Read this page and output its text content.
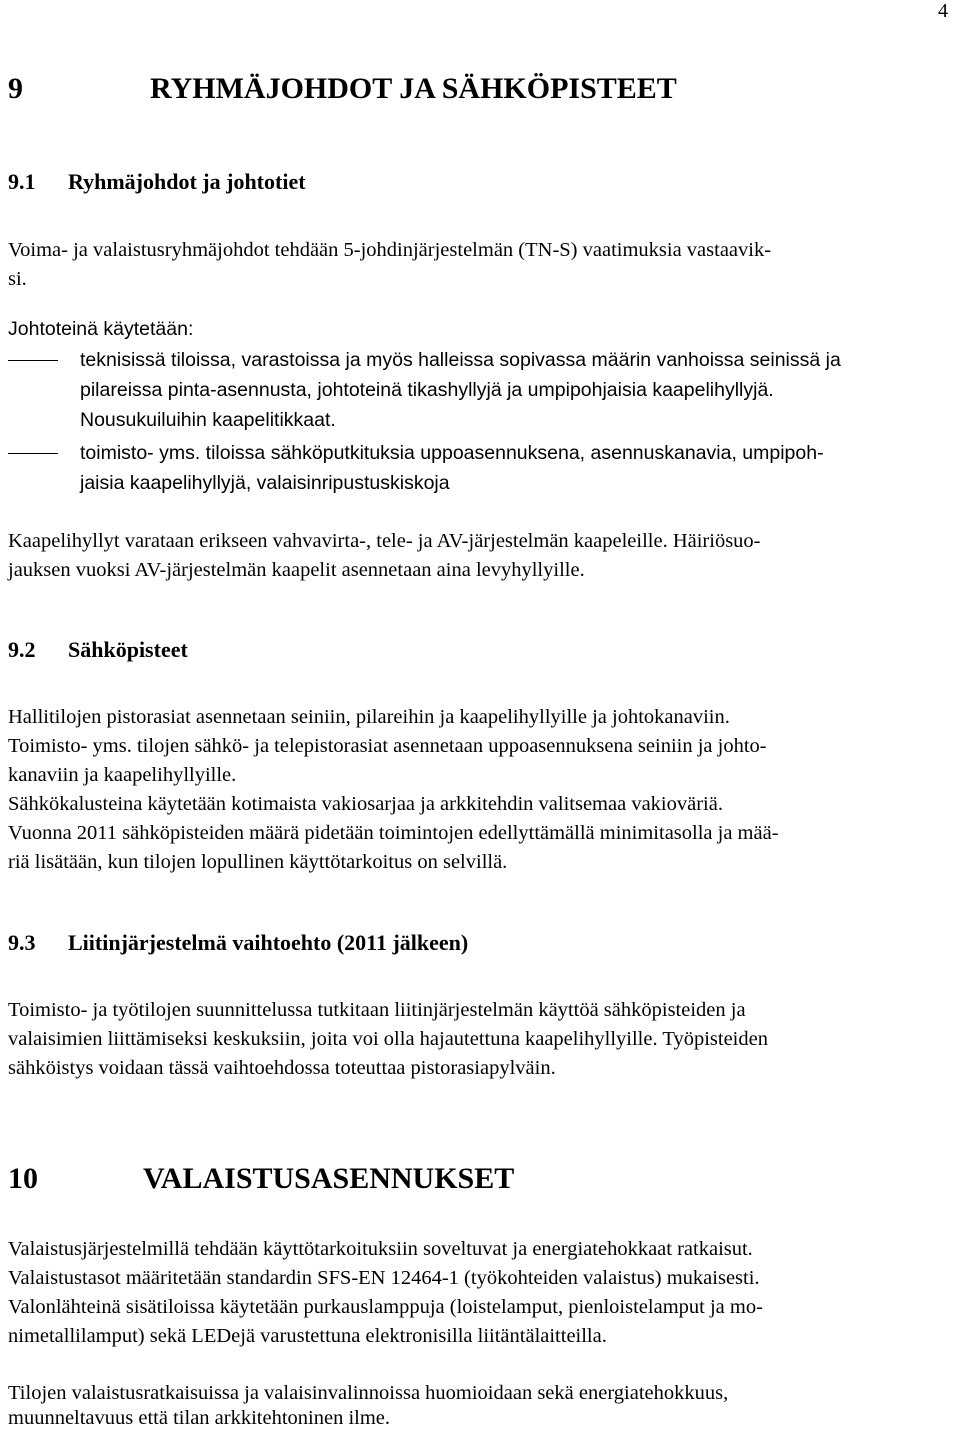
4
9	RYHMÄJOHDOT JA SÄHKÖPISTEET
9.1 Ryhmäjohdot ja johtotiet
Voima- ja valaistusryhmäjohdot tehdään 5-johdinjärjestelmän (TN-S) vaatimuksia vastaavik-
si.
Johtoteinä käytetään:
teknisissä tiloissa, varastoissa ja myös halleissa sopivassa määrin vanhoissa seinissä ja
pilareissa pinta-asennusta, johtoteinä tikashyllyjä ja umpipohjaisia kaapelihyllyjä.
Nousukuiluihin kaapelitikkaat.
toimisto- yms. tiloissa sähköputkituksia uppoasennuksena, asennuskanavia, umpipoh-
jaisia kaapelihyllyjä, valaisinripustuskiskoja
Kaapelihyllyt varataan erikseen vahvavirta-, tele- ja AV-järjestelmän kaapeleille. Häiriösuo-
jauksen vuoksi AV-järjestelmän kaapelit asennetaan aina levyhyllyille.
9.2 Sähköpisteet
Hallitilojen pistorasiat asennetaan seiniin, pilareihin ja kaapelihyllyille ja johtokanaviin.
Toimisto- yms. tilojen sähkö- ja telepistorasiat asennetaan uppoasennuksena seiniin ja johto-
kanaviin ja kaapelihyllyille.
Sähkökalusteina käytetään kotimaista vakiosarjaa ja arkkitehdin valitsemaa vakioväriä.
Vuonna 2011 sähköpisteiden määrä pidetään toimintojen edellyttämällä minimitasolla ja mää-
riä lisätään, kun tilojen lopullinen käyttötarkoitus on selvillä.
9.3 Liitinjärjestelmä vaihtoehto (2011 jälkeen)
Toimisto- ja työtilojen suunnittelussa tutkitaan liitinjärjestelmän käyttöä sähköpisteiden ja
valaisimien liittämiseksi keskuksiin, joita voi olla hajautettuna kaapelihyllyille. Työpisteiden
sähköistys voidaan tässä vaihtoehdossa toteuttaa pistorasiapylväin.
10	VALAISTUSASENNUKSET
Valaistusjärjestelmillä tehdään käyttötarkoituksiin soveltuvat ja energiatehokkaat ratkaisut.
Valaistustasot määritetään standardin SFS-EN 12464-1 (työkohteiden valaistus) mukaisesti.
Valonlähteinä sisätiloissa käytetään purkauslamppuja (loistelamput, pienloistelamput ja mo-
nimetallilamput) sekä LEDejä varustettuna elektronisilla liitäntälaitteilla.
Tilojen valaistusratkaisuissa ja valaisinvalinnoissa huomioidaan sekä energiatehokkuus,
muunneltavuus että tilan arkkitehtoninen ilme.
